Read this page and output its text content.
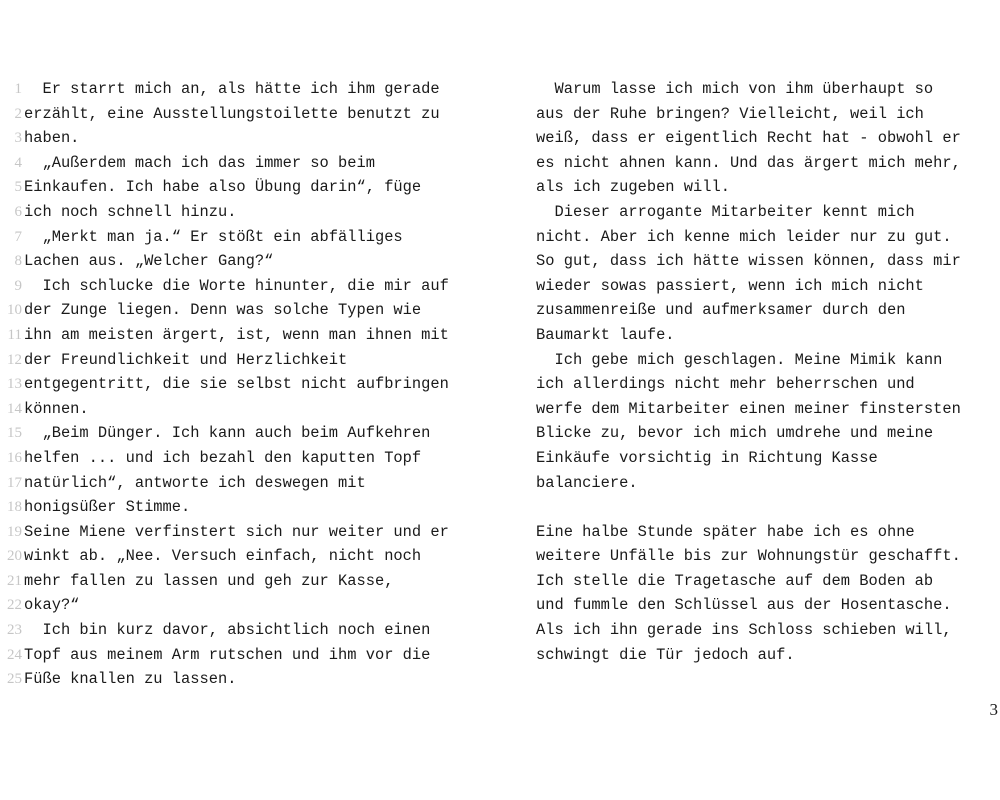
1 Er starrt mich an, als hätte ich ihm gerade
2 erzählt, eine Ausstellungstoilette benutzt zu
3 haben.
4 „Außerdem mach ich das immer so beim
5 Einkaufen. Ich habe also Übung darin“, füge
6 ich noch schnell hinzu.
7 „Merkt man ja.“ Er stößt ein abfälliges
8 Lachen aus. „Welcher Gang?“
9 Ich schlucke die Worte hinunter, die mir auf
10 der Zunge liegen. Denn was solche Typen wie
11 ihn am meisten ärgert, ist, wenn man ihnen mit
12 der Freundlichkeit und Herzlichkeit
13 entgegentritt, die sie selbst nicht aufbringen
14 können.
15 „Beim Dünger. Ich kann auch beim Aufkehren
16 helfen ... und ich bezahl den kaputten Topf
17 natürlich“, antworte ich deswegen mit
18 honigsüßer Stimme.
19 Seine Miene verfinstert sich nur weiter und er
20 winkt ab. „Nee. Versuch einfach, nicht noch
21 mehr fallen zu lassen und geh zur Kasse,
22 okay?“
23 Ich bin kurz davor, absichtlich noch einen
24 Topf aus meinem Arm rutschen und ihm vor die
25 Füße knallen zu lassen.
Warum lasse ich mich von ihm überhaupt so
aus der Ruhe bringen? Vielleicht, weil ich
weiß, dass er eigentlich Recht hat - obwohl er
es nicht ahnen kann. Und das ärgert mich mehr,
als ich zugeben will.
Dieser arrogante Mitarbeiter kennt mich
nicht. Aber ich kenne mich leider nur zu gut.
So gut, dass ich hätte wissen können, dass mir
wieder sowas passiert, wenn ich mich nicht
zusammenreiße und aufmerksamer durch den
Baumarkt laufe.
Ich gebe mich geschlagen. Meine Mimik kann
ich allerdings nicht mehr beherrschen und
werfe dem Mitarbeiter einen meiner finstersten
Blicke zu, bevor ich mich umdrehe und meine
Einkäufe vorsichtig in Richtung Kasse
balanciere.
Eine halbe Stunde später habe ich es ohne
weitere Unfälle bis zur Wohnungstür geschafft.
Ich stelle die Tragetasche auf dem Boden ab
und fummle den Schlüssel aus der Hosentasche.
Als ich ihn gerade ins Schloss schieben will,
schwingt die Tür jedoch auf.
3
